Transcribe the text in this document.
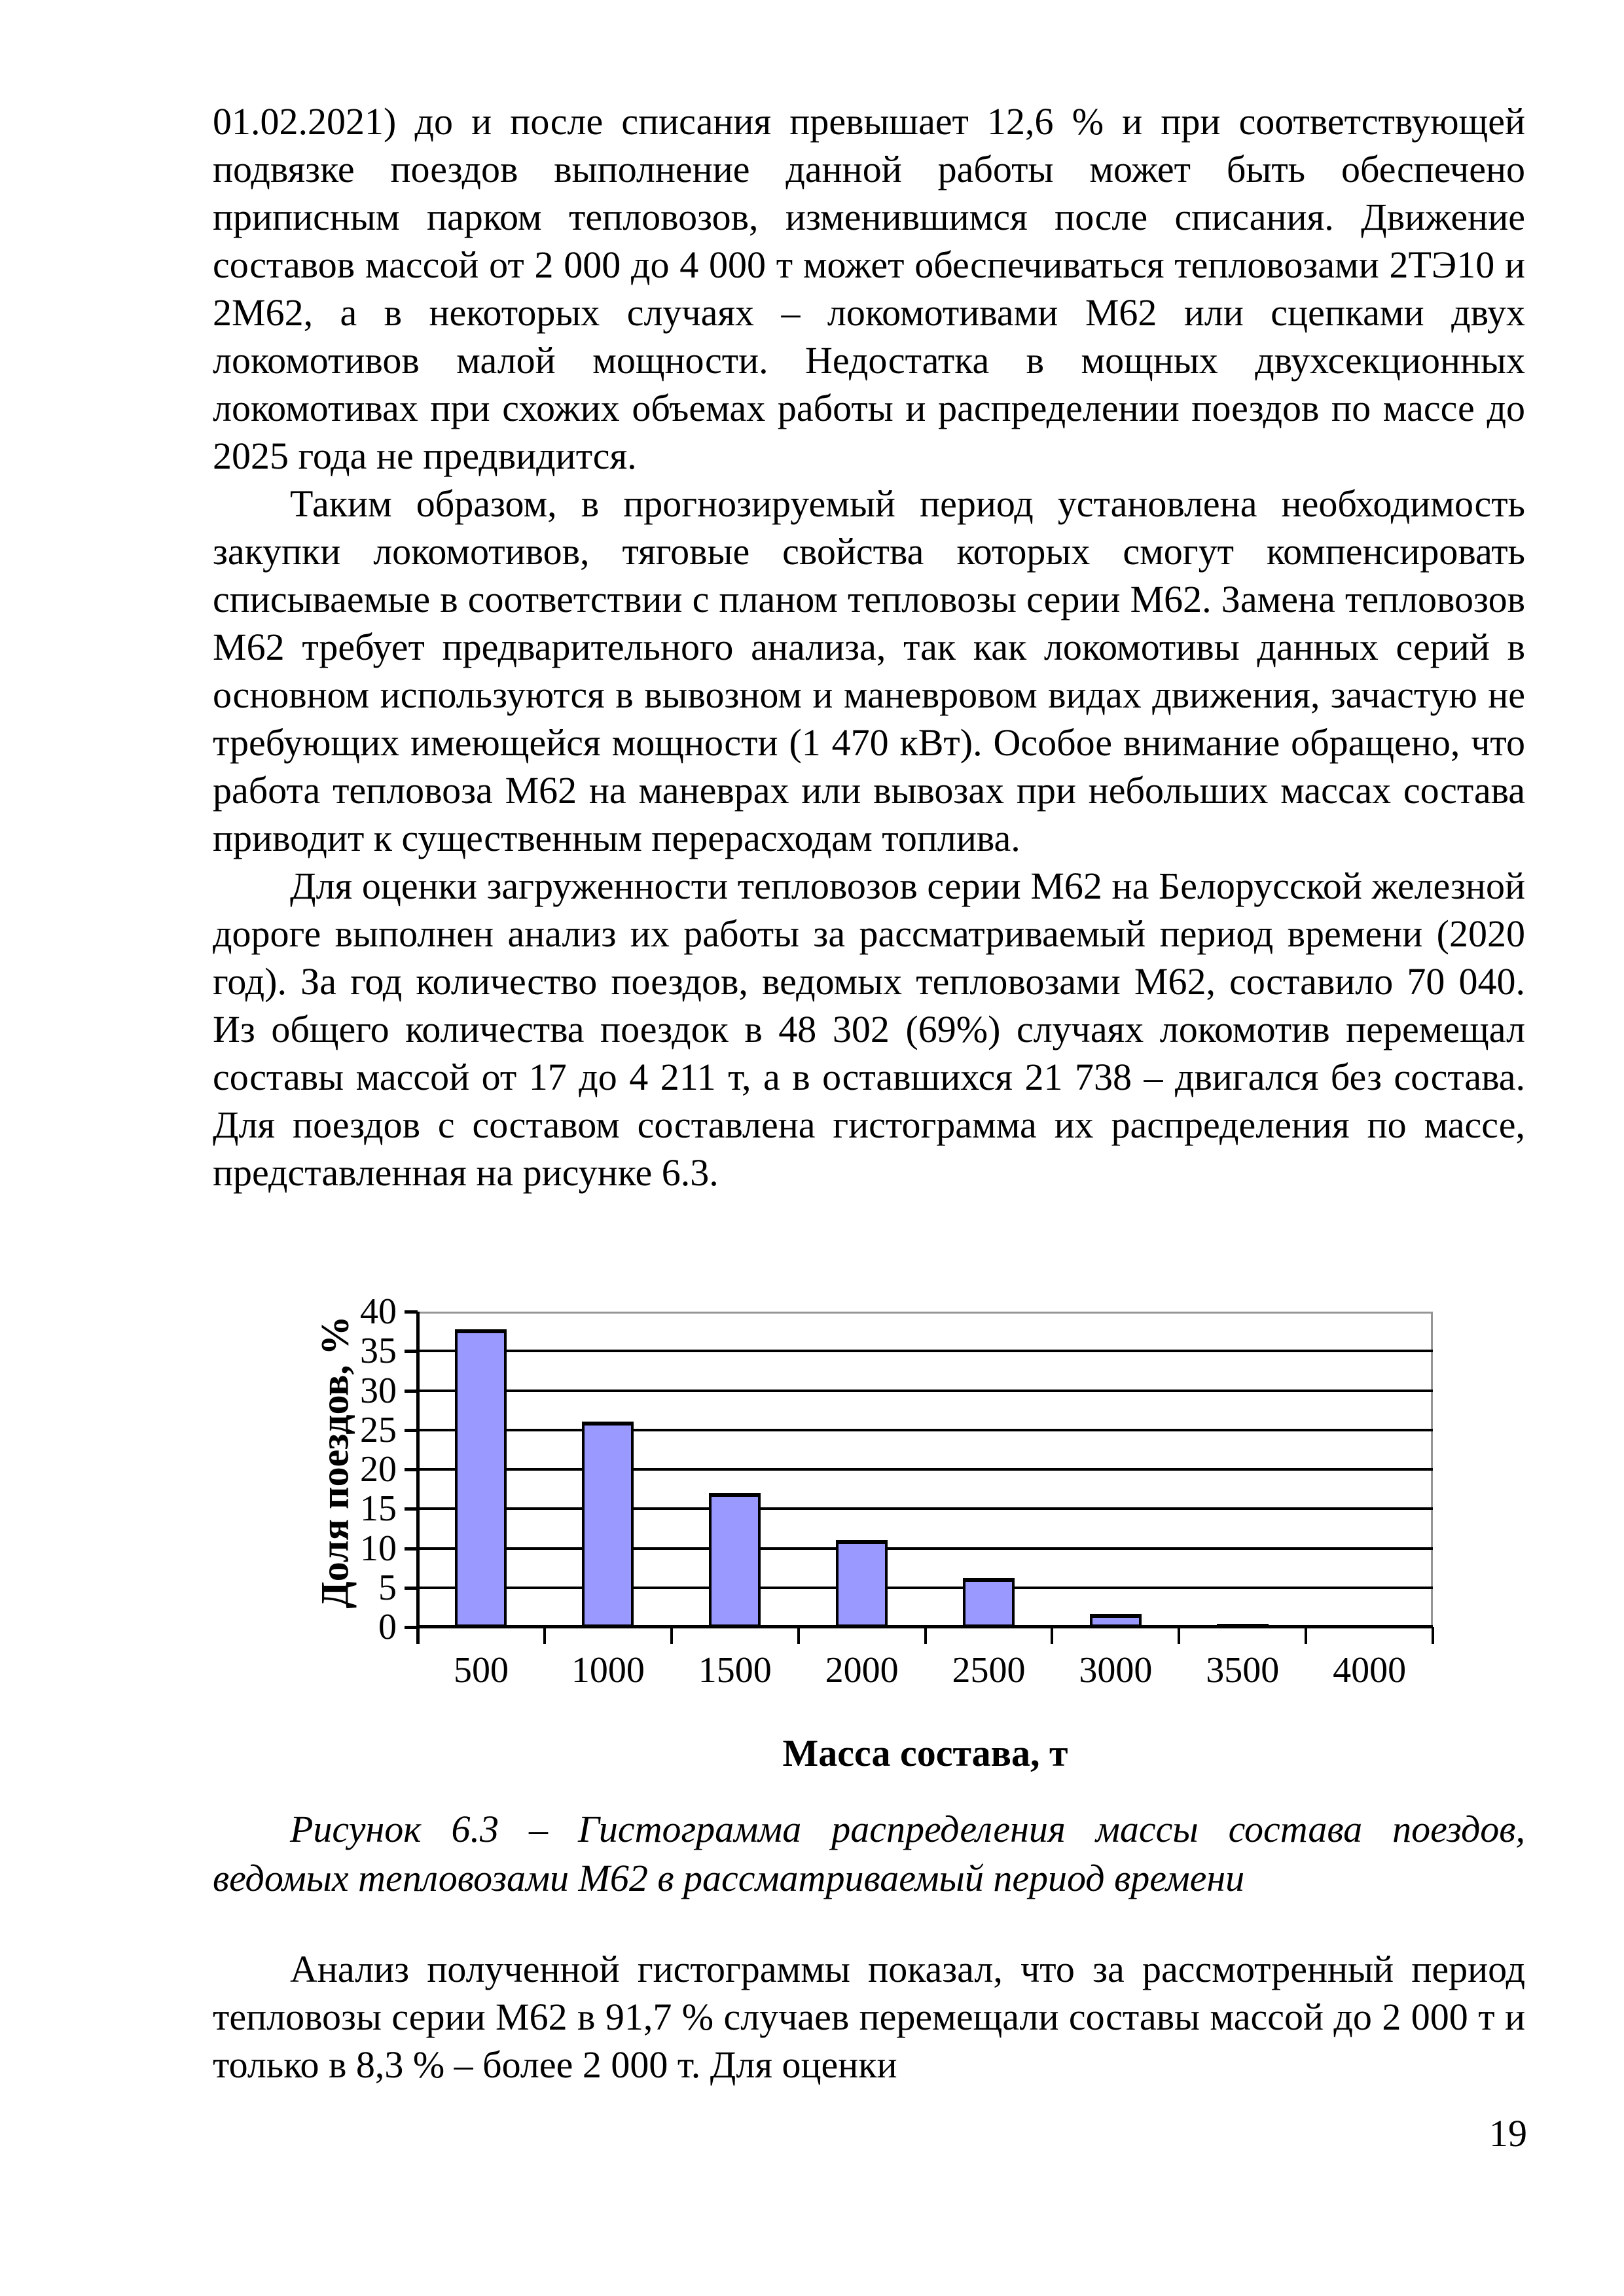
01.02.2021) до и после списания превышает 12,6 % и при соответствующей подвязке поездов выполнение данной работы может быть обеспечено приписным парком тепловозов, изменившимся после списания. Движение составов массой от 2 000 до 4 000 т может обеспечиваться тепловозами 2ТЭ10 и 2М62, а в некоторых случаях – локомотивами М62 или сцепками двух локомотивов малой мощности. Недостатка в мощных двухсекционных локомотивах при схожих объемах работы и распределении поездов по массе до 2025 года не предвидится.

Таким образом, в прогнозируемый период установлена необходимость закупки локомотивов, тяговые свойства которых смогут компенсировать списываемые в соответствии с планом тепловозы серии М62. Замена тепловозов М62 требует предварительного анализа, так как локомотивы данных серий в основном используются в вывозном и маневровом видах движения, зачастую не требующих имеющейся мощности (1 470 кВт). Особое внимание обращено, что работа тепловоза М62 на маневрах или вывозах при небольших массах состава приводит к существенным перерасходам топлива.

Для оценки загруженности тепловозов серии М62 на Белорусской железной дороге выполнен анализ их работы за рассматриваемый период времени (2020 год). За год количество поездов, ведомых тепловозами М62, составило 70 040. Из общего количества поездок в 48 302 (69%) случаях локомотив перемещал составы массой от 17 до 4 211 т, а в оставшихся 21 738 – двигался без состава. Для поездов с составом составлена гистограмма их распределения по массе, представленная на рисунке 6.3.

Доля поездов, %
0
5
10
15
20
25
30
35
40
500	1000	1500	2000	2500	3000	3500	4000
Масса состава, т

Рисунок 6.3 – Гистограмма распределения массы состава поездов, ведомых тепловозами М62 в рассматриваемый период времени

Анализ полученной гистограммы показал, что за рассмотренный период тепловозы серии М62 в 91,7 % случаев перемещали составы массой до 2 000 т и только в 8,3 % – более 2 000 т. Для оценки

19
